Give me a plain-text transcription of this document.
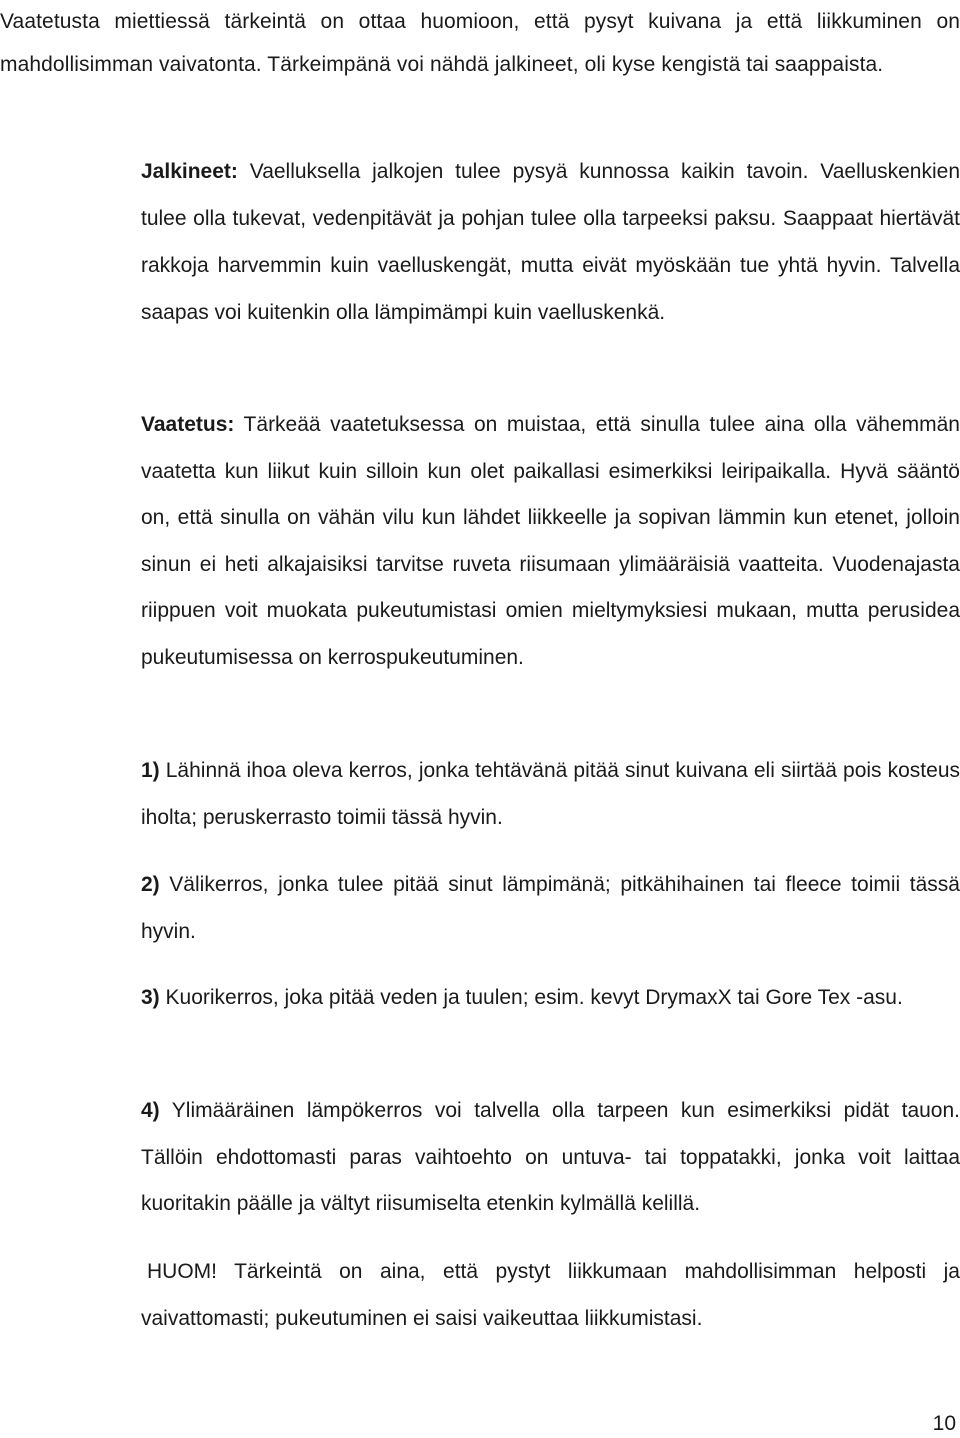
Vaatetusta miettiessä tärkeintä on ottaa huomioon, että pysyt kuivana ja että liikkuminen on mahdollisimman vaivatonta. Tärkeimpänä voi nähdä jalkineet, oli kyse kengistä tai saappaista.

Jalkineet: Vaelluksella jalkojen tulee pysyä kunnossa kaikin tavoin. Vaelluskenkien tulee olla tukevat, vedenpitävät ja pohjan tulee olla tarpeeksi paksu. Saappaat hiertävät rakkoja harvemmin kuin vaelluskengät, mutta eivät myöskään tue yhtä hyvin. Talvella saapas voi kuitenkin olla lämpimämpi kuin vaelluskenkä.

Vaatetus: Tärkeää vaatetuksessa on muistaa, että sinulla tulee aina olla vähemmän vaatetta kun liikut kuin silloin kun olet paikallasi esimerkiksi leiripaikalla. Hyvä sääntö on, että sinulla on vähän vilu kun lähdet liikkeelle ja sopivan lämmin kun etenet, jolloin sinun ei heti alkajaisiksi tarvitse ruveta riisumaan ylimääräisiä vaatteita. Vuodenajasta riippuen voit muokata pukeutumistasi omien mieltymyksiesi mukaan, mutta perusidea pukeutumisessa on kerrospukeutuminen.

1) Lähinnä ihoa oleva kerros, jonka tehtävänä pitää sinut kuivana eli siirtää pois kosteus iholta; peruskerrasto toimii tässä hyvin.

2) Välikerros, jonka tulee pitää sinut lämpimänä; pitkähihainen tai fleece toimii tässä hyvin.

3) Kuorikerros, joka pitää veden ja tuulen; esim. kevyt DrymaxX tai Gore Tex -asu.

4) Ylimääräinen lämpökerros voi talvella olla tarpeen kun esimerkiksi pidät tauon. Tällöin ehdottomasti paras vaihtoehto on untuva- tai toppatakki, jonka voit laittaa kuoritakin päälle ja vältyt riisumiselta etenkin kylmällä kelillä.

HUOM! Tärkeintä on aina, että pystyt liikkumaan mahdollisimman helposti ja vaivattomasti; pukeutuminen ei saisi vaikeuttaa liikkumistasi.

10
